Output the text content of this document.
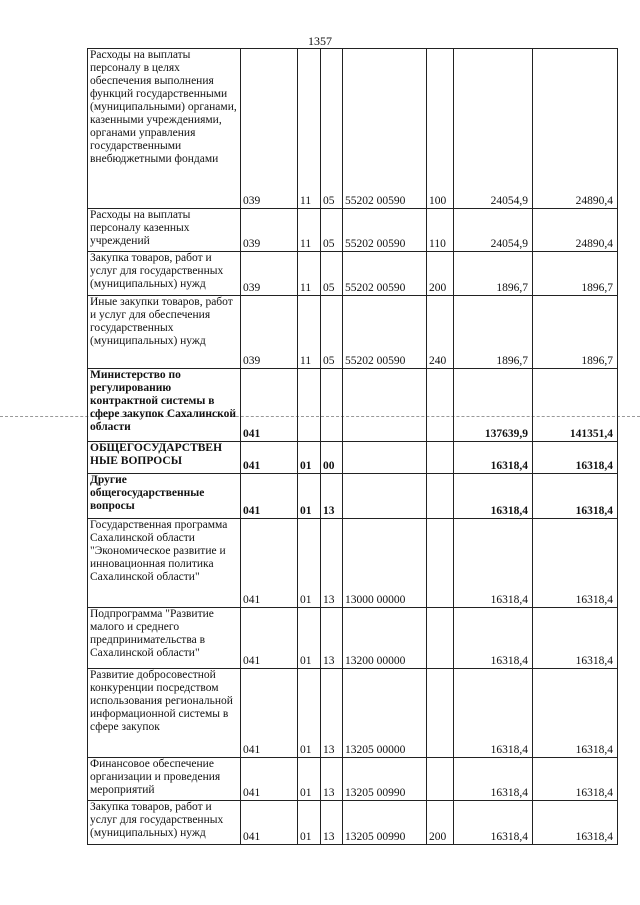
1357
Расходы на выплаты персоналу в целях обеспечения выполнения функций государственными (муниципальными) органами, казенными учреждениями, органами управления государственными внебюджетными фондами	039	11	05	55202 00590	100	24054,9	24890,4
Расходы на выплаты персоналу казенных учреждений	039	11	05	55202 00590	110	24054,9	24890,4
Закупка товаров, работ и услуг для государственных (муниципальных) нужд	039	11	05	55202 00590	200	1896,7	1896,7
Иные закупки товаров, работ и услуг для обеспечения государственных (муниципальных) нужд	039	11	05	55202 00590	240	1896,7	1896,7
Министерство по регулированию контрактной системы в сфере закупок Сахалинской области	041					137639,9	141351,4
ОБЩЕГОСУДАРСТВЕН НЫЕ ВОПРОСЫ	041	01	00			16318,4	16318,4
Другие общегосударственные вопросы	041	01	13			16318,4	16318,4
Государственная программа Сахалинской области "Экономическое развитие и инновационная политика Сахалинской области"	041	01	13	13000 00000		16318,4	16318,4
Подпрограмма "Развитие малого и среднего предпринимательства в Сахалинской области"	041	01	13	13200 00000		16318,4	16318,4
Развитие добросовестной конкуренции посредством использования региональной информационной системы в сфере закупок	041	01	13	13205 00000		16318,4	16318,4
Финансовое обеспечение организации и проведения мероприятий	041	01	13	13205 00990		16318,4	16318,4
Закупка товаров, работ и услуг для государственных (муниципальных) нужд	041	01	13	13205 00990	200	16318,4	16318,4
